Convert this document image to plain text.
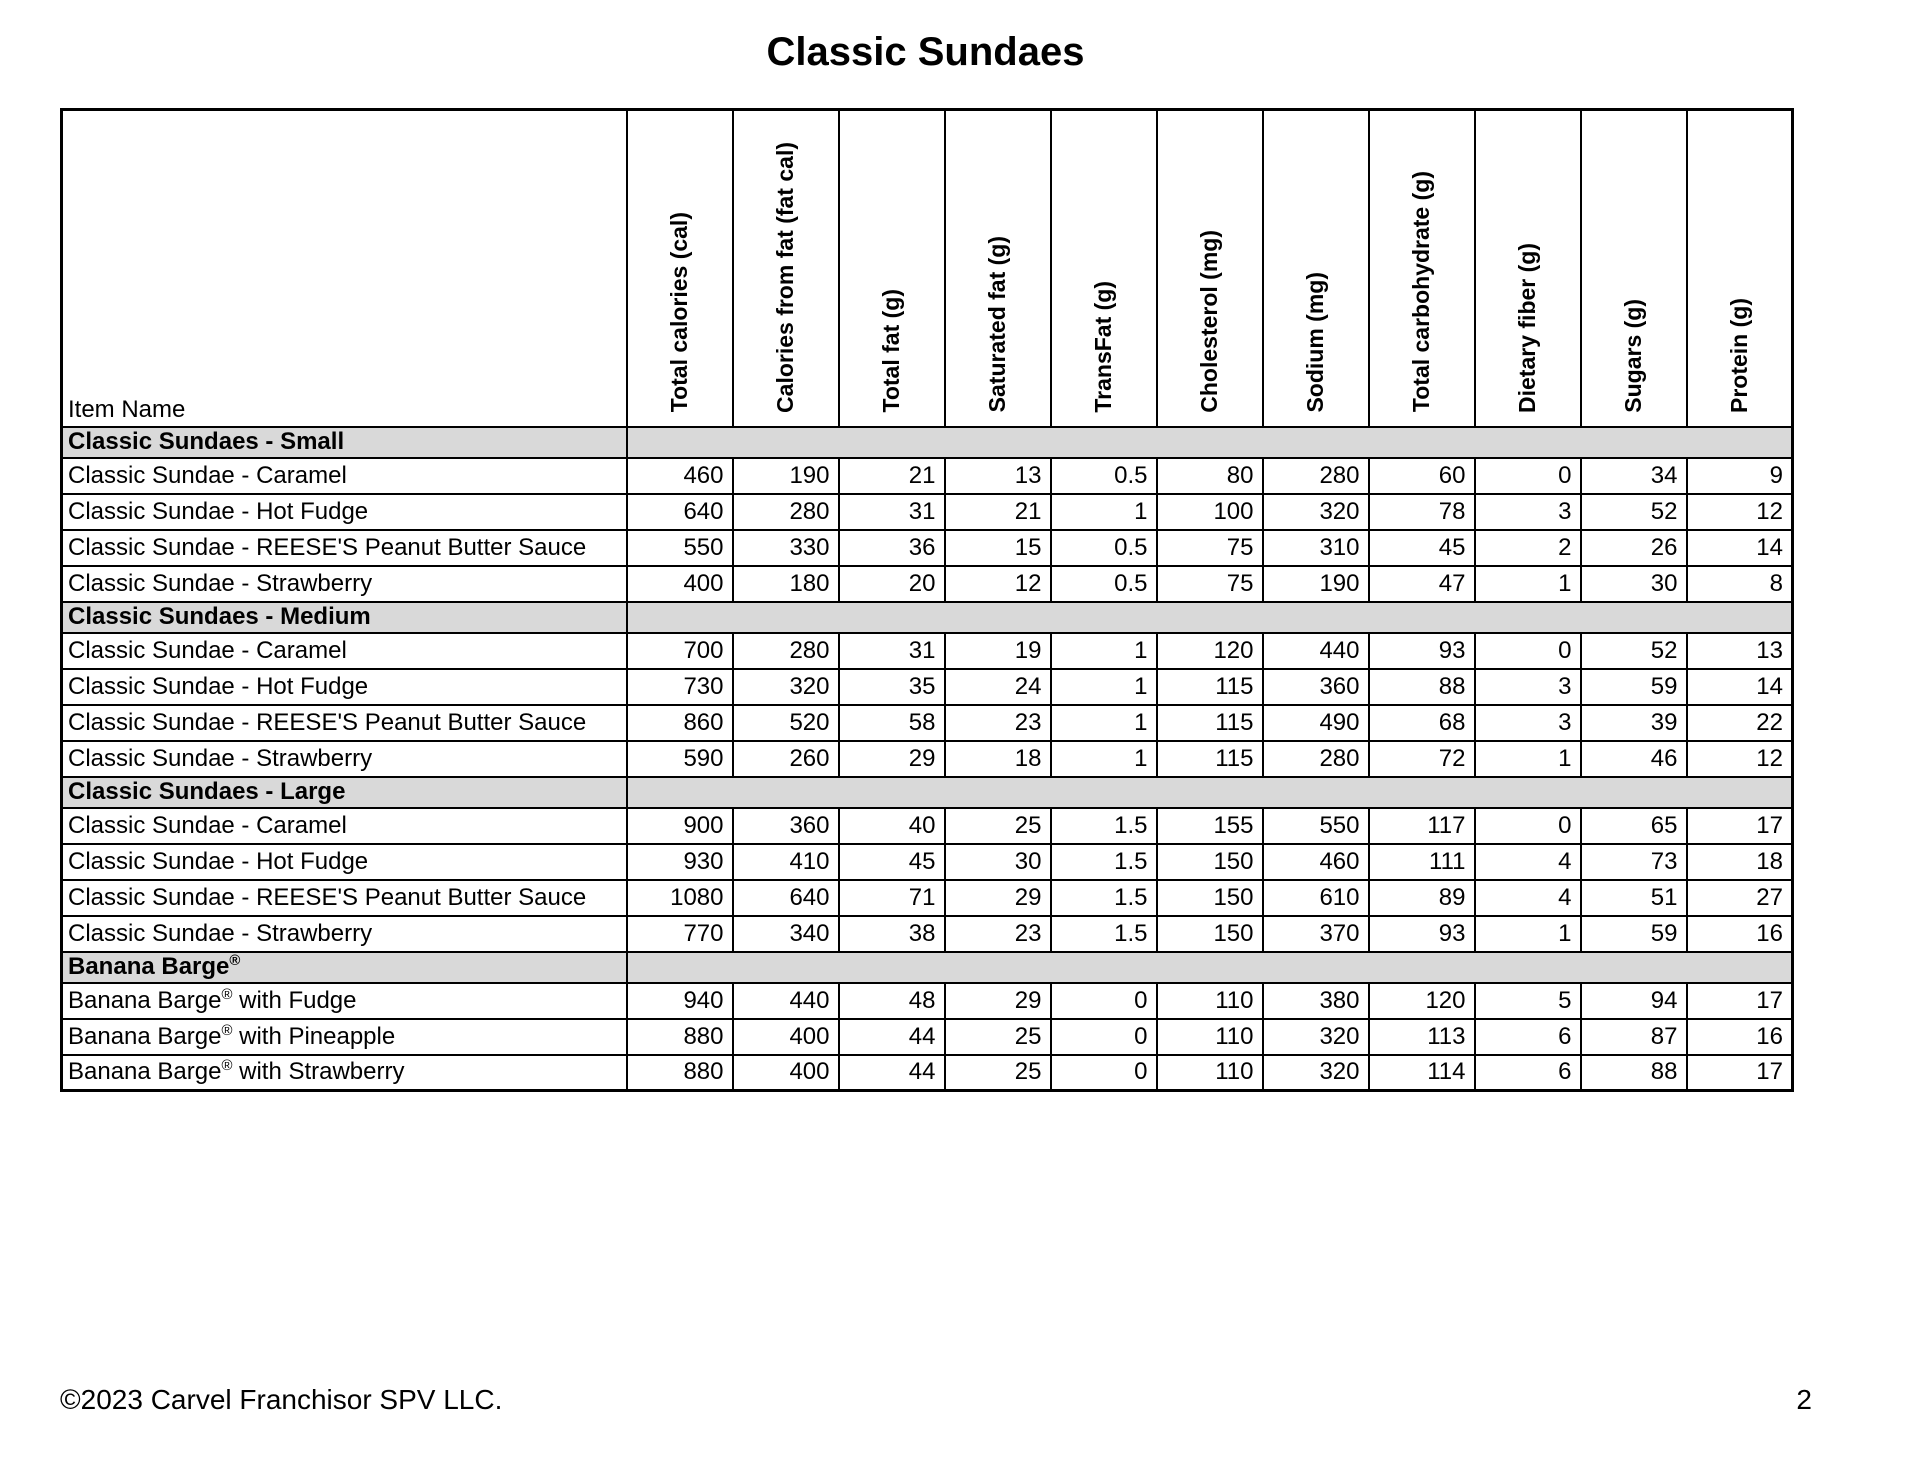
Classic Sundaes
Item Name	Total calories (cal)	Calories from fat (fat cal)	Total fat (g)	Saturated fat (g)	TransFat (g)	Cholesterol (mg)	Sodium (mg)	Total carbohydrate (g)	Dietary fiber (g)	Sugars (g)	Protein (g)
Classic Sundaes - Small											
Classic Sundae - Caramel	460	190	21	13	0.5	80	280	60	0	34	9
Classic Sundae - Hot Fudge	640	280	31	21	1	100	320	78	3	52	12
Classic Sundae - REESE'S Peanut Butter Sauce	550	330	36	15	0.5	75	310	45	2	26	14
Classic Sundae - Strawberry	400	180	20	12	0.5	75	190	47	1	30	8
Classic Sundaes - Medium											
Classic Sundae - Caramel	700	280	31	19	1	120	440	93	0	52	13
Classic Sundae - Hot Fudge	730	320	35	24	1	115	360	88	3	59	14
Classic Sundae - REESE'S Peanut Butter Sauce	860	520	58	23	1	115	490	68	3	39	22
Classic Sundae - Strawberry	590	260	29	18	1	115	280	72	1	46	12
Classic Sundaes - Large											
Classic Sundae - Caramel	900	360	40	25	1.5	155	550	117	0	65	17
Classic Sundae - Hot Fudge	930	410	45	30	1.5	150	460	111	4	73	18
Classic Sundae - REESE'S Peanut Butter Sauce	1080	640	71	29	1.5	150	610	89	4	51	27
Classic Sundae - Strawberry	770	340	38	23	1.5	150	370	93	1	59	16
Banana Barge®	
Banana Barge® with Fudge	940	440	48	29	0	110	380	120	5	94	17
Banana Barge® with Pineapple	880	400	44	25	0	110	320	113	6	87	16
Banana Barge® with Strawberry	880	400	44	25	0	110	320	114	6	88	17
©2023 Carvel Franchisor SPV LLC.	2
